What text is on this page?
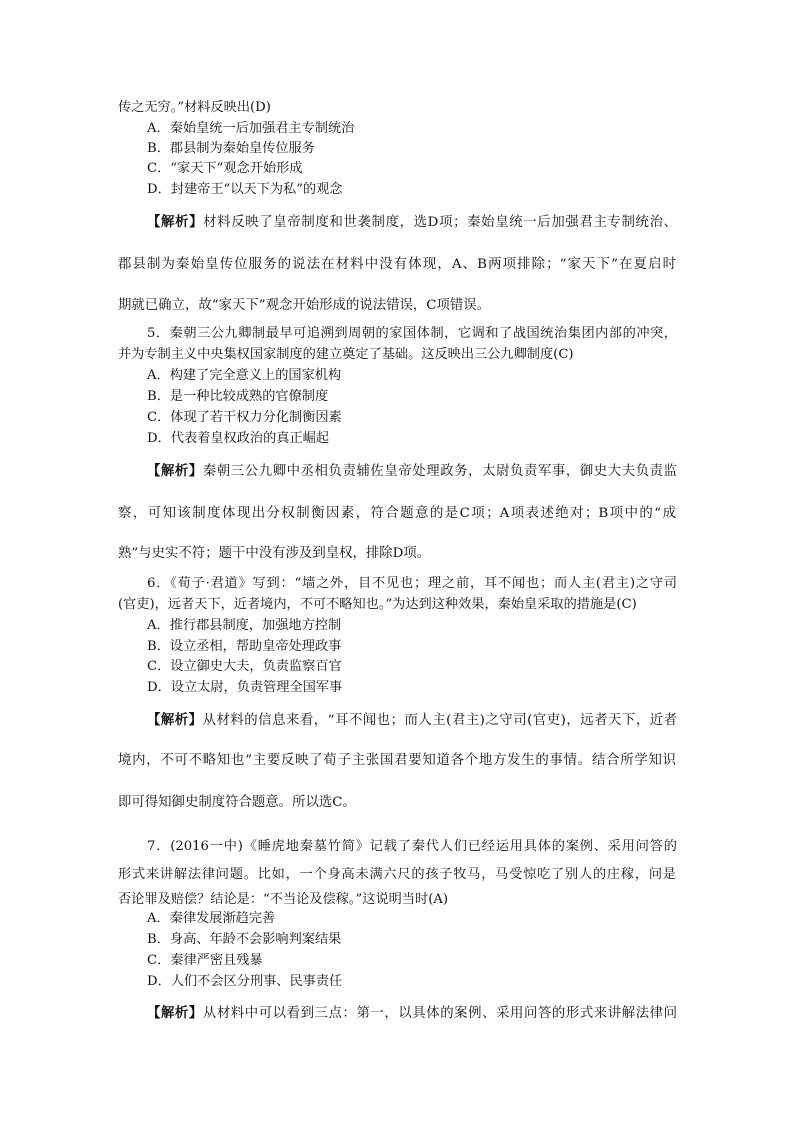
传之无穷。”材料反映出(D)
A．秦始皇统一后加强君主专制统治
B．郡县制为秦始皇传位服务
C．“家天下”观念开始形成
D．封建帝王“以天下为私”的观念
【解析】材料反映了皇帝制度和世袭制度，选D项；秦始皇统一后加强君主专制统治、
郡县制为秦始皇传位服务的说法在材料中没有体现，A、B两项排除；“家天下”在夏启时
期就已确立，故“家天下”观念开始形成的说法错误，C项错误。
5．秦朝三公九卿制最早可追溯到周朝的家国体制，它调和了战国统治集团内部的冲突，
并为专制主义中央集权国家制度的建立奠定了基础。这反映出三公九卿制度(C)
A．构建了完全意义上的国家机构
B．是一种比较成熟的官僚制度
C．体现了若干权力分化制衡因素
D．代表着皇权政治的真正崛起
【解析】秦朝三公九卿中丞相负责辅佐皇帝处理政务，太尉负责军事，御史大夫负责监
察，可知该制度体现出分权制衡因素，符合题意的是C项；A项表述绝对；B项中的“成
熟”与史实不符；题干中没有涉及到皇权，排除D项。
6．《荀子·君道》写到：“墙之外，目不见也；理之前，耳不闻也；而人主(君主)之守司
(官吏)，远者天下，近者境内，不可不略知也。”为达到这种效果，秦始皇采取的措施是(C)
A．推行郡县制度，加强地方控制
B．设立丞相，帮助皇帝处理政事
C．设立御史大夫，负责监察百官
D．设立太尉，负责管理全国军事
【解析】从材料的信息来看，“耳不闻也；而人主(君主)之守司(官吏)，远者天下，近者
境内，不可不略知也”主要反映了荀子主张国君要知道各个地方发生的事情。结合所学知识
即可得知御史制度符合题意。所以选C。
7．(2016一中)《睡虎地秦墓竹简》记载了秦代人们已经运用具体的案例、采用问答的
形式来讲解法律问题。比如，一个身高未满六尺的孩子牧马，马受惊吃了别人的庄稼，问是
否论罪及赔偿？结论是：“不当论及偿稼。”这说明当时(A)
A．秦律发展渐趋完善
B．身高、年龄不会影响判案结果
C．秦律严密且残暴
D．人们不会区分刑事、民事责任
【解析】从材料中可以看到三点：第一，以具体的案例、采用问答的形式来讲解法律问
